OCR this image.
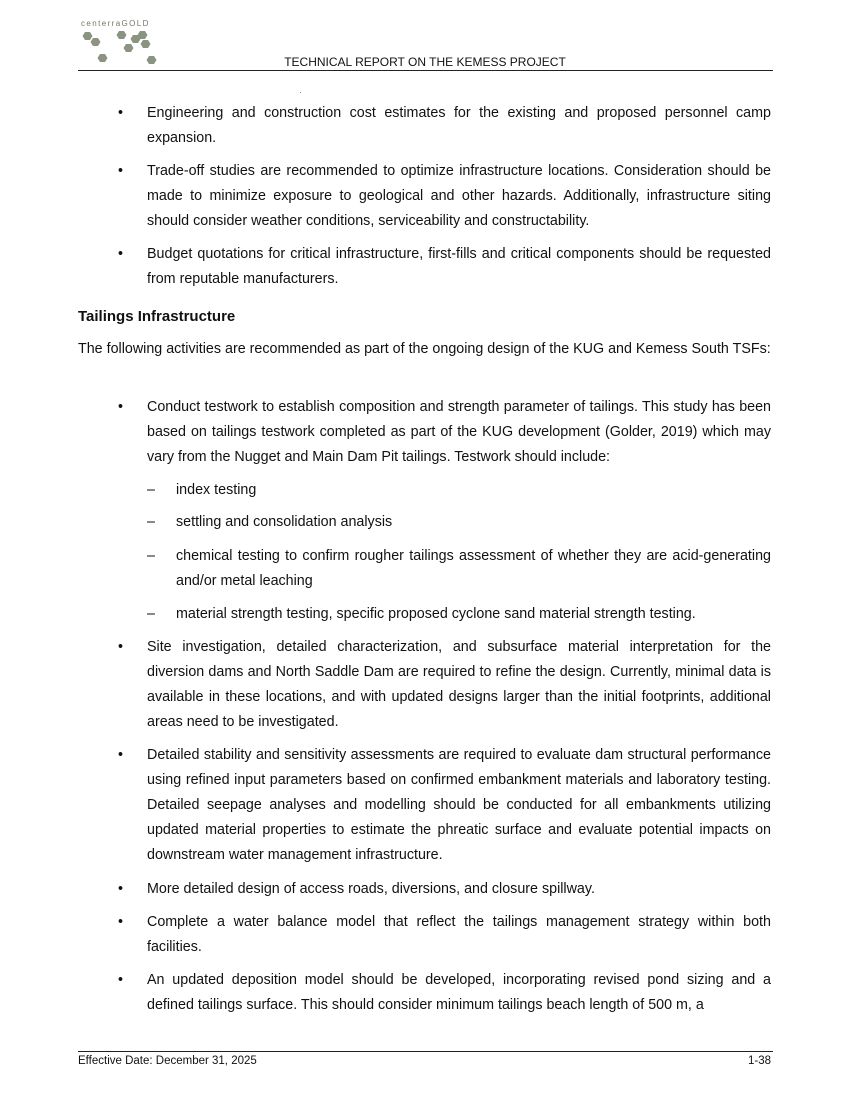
centerraGOLD
TECHNICAL REPORT ON THE KEMESS PROJECT
• Engineering and construction cost estimates for the existing and proposed personnel camp expansion.
• Trade-off studies are recommended to optimize infrastructure locations. Consideration should be made to minimize exposure to geological and other hazards. Additionally, infrastructure siting should consider weather conditions, serviceability and constructability.
• Budget quotations for critical infrastructure, first-fills and critical components should be requested from reputable manufacturers.
Tailings Infrastructure
The following activities are recommended as part of the ongoing design of the KUG and Kemess South TSFs:
• Conduct testwork to establish composition and strength parameter of tailings. This study has been based on tailings testwork completed as part of the KUG development (Golder, 2019) which may vary from the Nugget and Main Dam Pit tailings. Testwork should include:
– index testing
– settling and consolidation analysis
– chemical testing to confirm rougher tailings assessment of whether they are acid-generating and/or metal leaching
– material strength testing, specific proposed cyclone sand material strength testing.
• Site investigation, detailed characterization, and subsurface material interpretation for the diversion dams and North Saddle Dam are required to refine the design. Currently, minimal data is available in these locations, and with updated designs larger than the initial footprints, additional areas need to be investigated.
• Detailed stability and sensitivity assessments are required to evaluate dam structural performance using refined input parameters based on confirmed embankment materials and laboratory testing. Detailed seepage analyses and modelling should be conducted for all embankments utilizing updated material properties to estimate the phreatic surface and evaluate potential impacts on downstream water management infrastructure.
• More detailed design of access roads, diversions, and closure spillway.
• Complete a water balance model that reflect the tailings management strategy within both facilities.
• An updated deposition model should be developed, incorporating revised pond sizing and a defined tailings surface. This should consider minimum tailings beach length of 500 m, a
Effective Date: December 31, 2025	1-38
